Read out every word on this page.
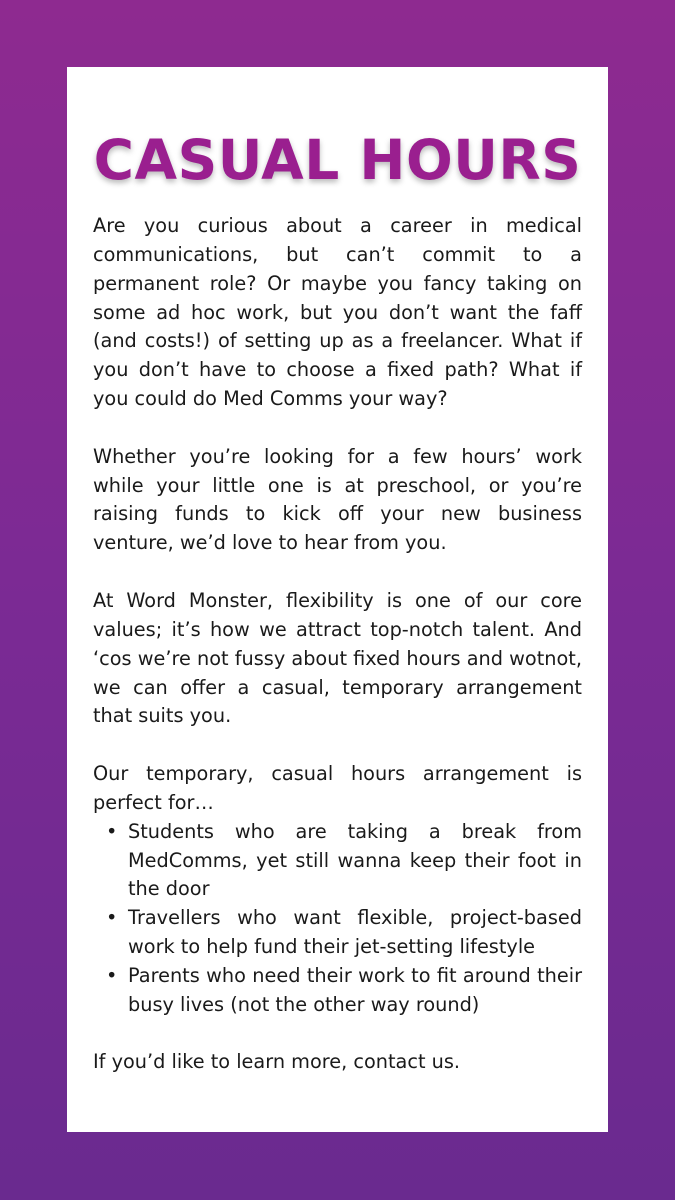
CASUAL HOURS

Are you curious about a career in medical communications, but can’t commit to a permanent role? Or maybe you fancy taking on some ad hoc work, but you don’t want the faff (and costs!) of setting up as a freelancer. What if you don’t have to choose a fixed path? What if you could do Med Comms your way?

Whether you’re looking for a few hours’ work while your little one is at preschool, or you’re raising funds to kick off your new business venture, we’d love to hear from you.

At Word Monster, flexibility is one of our core values; it’s how we attract top-notch talent. And ‘cos we’re not fussy about fixed hours and wotnot, we can offer a casual, temporary arrangement that suits you.

Our temporary, casual hours arrangement is perfect for…

• Students who are taking a break from MedComms, yet still wanna keep their foot in the door
• Travellers who want flexible, project-based work to help fund their jet-setting lifestyle
• Parents who need their work to fit around their busy lives (not the other way round)

If you’d like to learn more, contact us.
